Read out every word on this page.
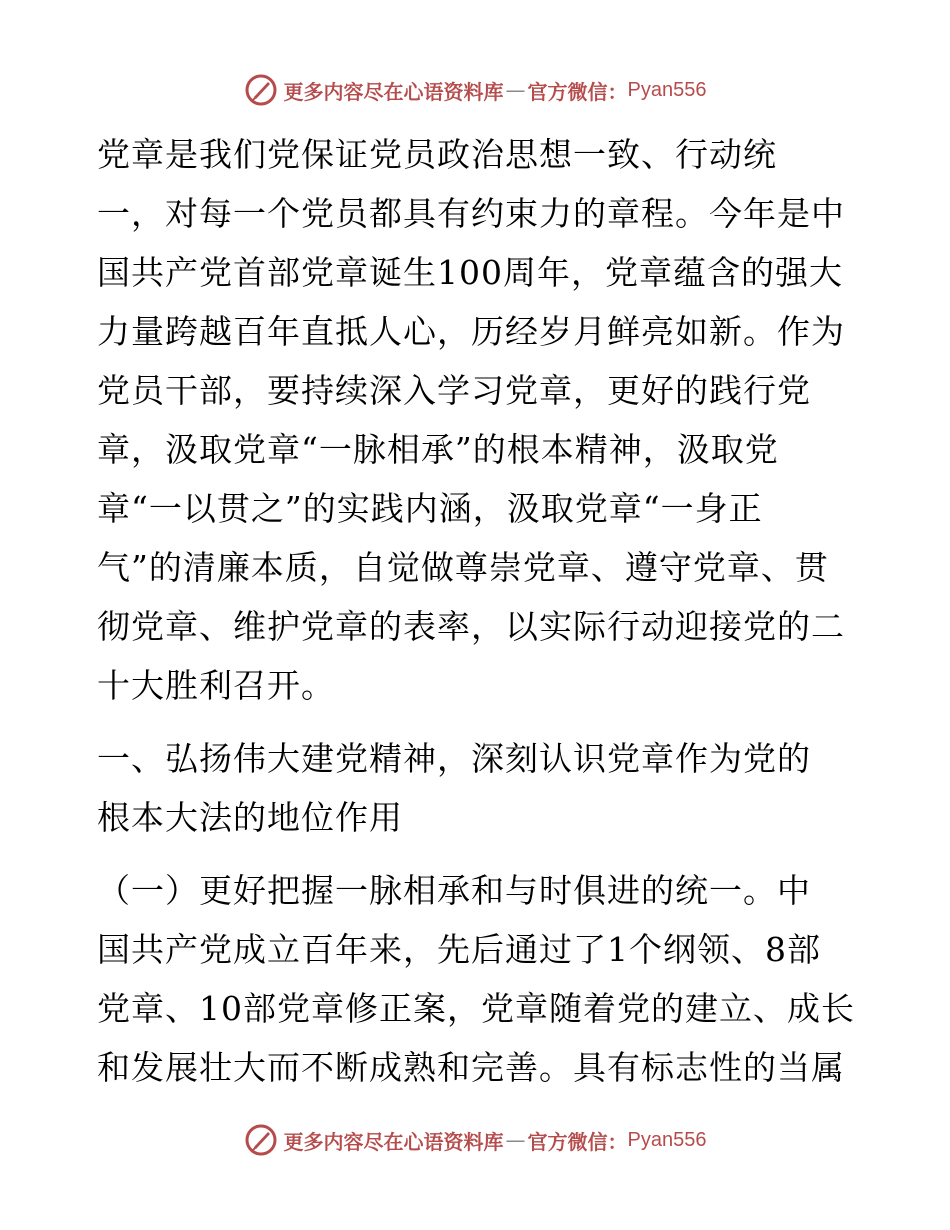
更多内容尽在心语资料库 — 官方微信： Pyan556
党章是我们党保证党员政治思想一致、行动统
一，对每一个党员都具有约束力的章程。今年是中
国共产党首部党章诞生100周年，党章蕴含的强大
力量跨越百年直抵人心，历经岁月鲜亮如新。作为
党员干部，要持续深入学习党章，更好的践行党
章，汲取党章“一脉相承”的根本精神，汲取党
章“一以贯之”的实践内涵，汲取党章“一身正
气”的清廉本质，自觉做尊崇党章、遵守党章、贯
彻党章、维护党章的表率，以实际行动迎接党的二
十大胜利召开。
一、弘扬伟大建党精神，深刻认识党章作为党的
根本大法的地位作用
（一）更好把握一脉相承和与时俱进的统一。中
国共产党成立百年来，先后通过了1个纲领、8部
党章、10部党章修正案，党章随着党的建立、成长
和发展壮大而不断成熟和完善。具有标志性的当属
更多内容尽在心语资料库 — 官方微信： Pyan556
